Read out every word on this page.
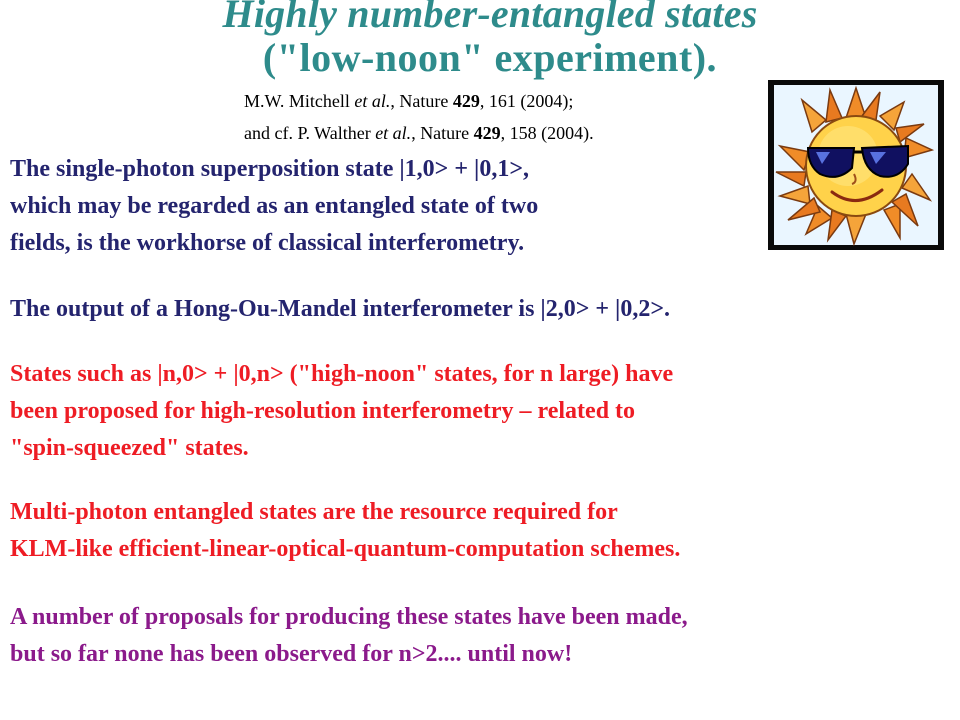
Highly number-entangled states
("low-noon" experiment).
M.W. Mitchell et al., Nature 429, 161 (2004);
and cf. P. Walther et al., Nature 429, 158 (2004).
The single-photon superposition state |1,0> + |0,1>,
which may be regarded as an entangled state of two
fields, is the workhorse of classical interferometry.
The output of a Hong-Ou-Mandel interferometer is |2,0> + |0,2>.
States such as |n,0> + |0,n> ("high-noon" states, for n large) have
been proposed for high-resolution interferometry – related to
"spin-squeezed" states.
Multi-photon entangled states are the resource required for
KLM-like efficient-linear-optical-quantum-computation schemes.
A number of proposals for producing these states have been made,
but so far none has been observed for n>2.... until now!
